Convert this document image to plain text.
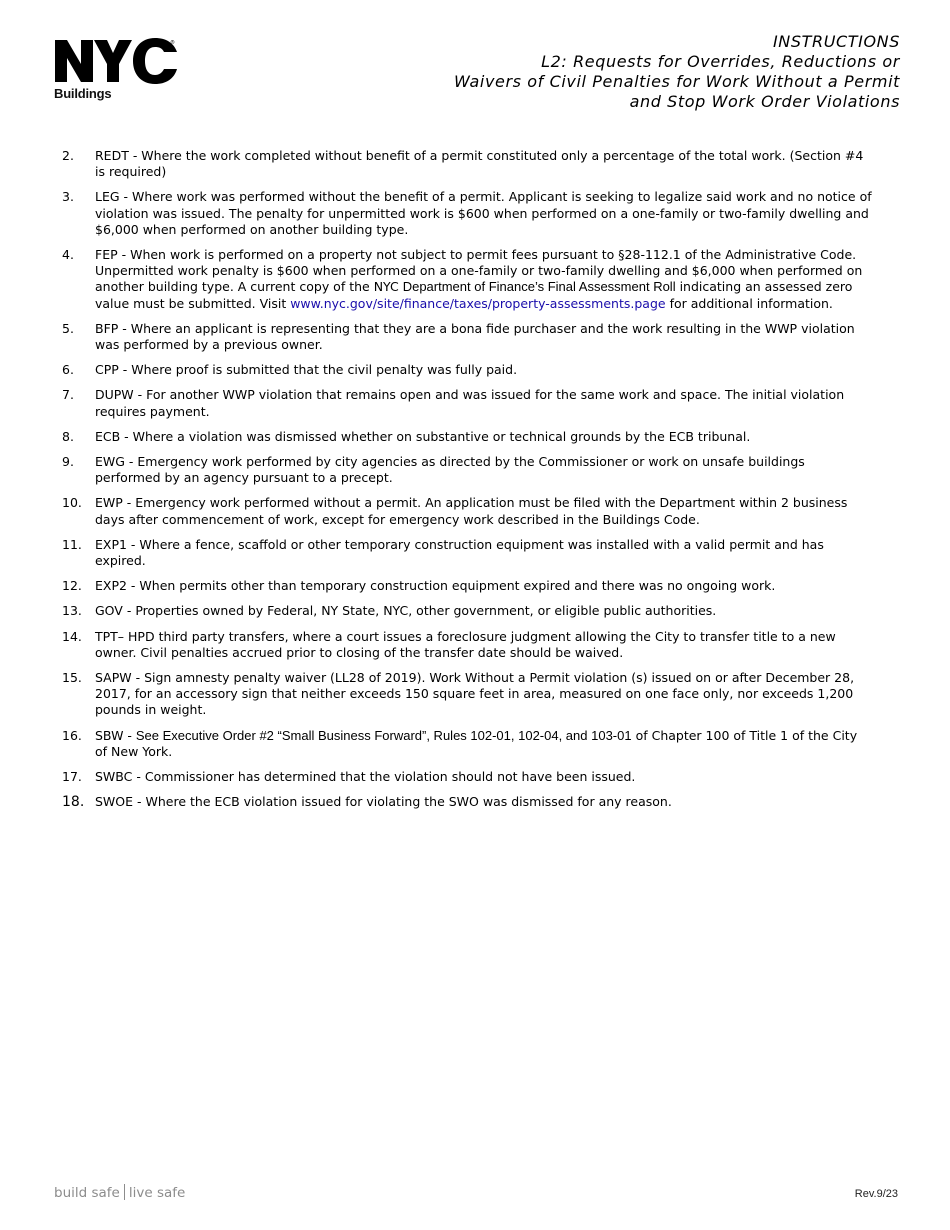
®
Buildings
INSTRUCTIONS
L2: Requests for Overrides, Reductions or
Waivers of Civil Penalties for Work Without a Permit
and Stop Work Order Violations
2.	REDT - Where the work completed without benefit of a permit constituted only a percentage of the total work. (Section #4 is required)
3.	LEG - Where work was performed without the benefit of a permit. Applicant is seeking to legalize said work and no notice of violation was issued. The penalty for unpermitted work is $600 when performed on a one-family or two-family dwelling and $6,000 when performed on another building type.
4.	FEP - When work is performed on a property not subject to permit fees pursuant to §28-112.1 of the Administrative Code. Unpermitted work penalty is $600 when performed on a one-family or two-family dwelling and $6,000 when performed on another building type. A current copy of the NYC Department of Finance’s Final Assessment Roll indicating an assessed zero value must be submitted. Visit www.nyc.gov/site/finance/taxes/property-assessments.page for additional information.
5.	BFP - Where an applicant is representing that they are a bona fide purchaser and the work resulting in the WWP violation was performed by a previous owner.
6.	CPP - Where proof is submitted that the civil penalty was fully paid.
7.	DUPW - For another WWP violation that remains open and was issued for the same work and space. The initial violation requires payment.
8.	ECB - Where a violation was dismissed whether on substantive or technical grounds by the ECB tribunal.
9.	EWG - Emergency work performed by city agencies as directed by the Commissioner or work on unsafe buildings performed by an agency pursuant to a precept.
10.	EWP - Emergency work performed without a permit. An application must be filed with the Department within 2 business days after commencement of work, except for emergency work described in the Buildings Code.
11.	EXP1 - Where a fence, scaffold or other temporary construction equipment was installed with a valid permit and has expired.
12.	EXP2 - When permits other than temporary construction equipment expired and there was no ongoing work.
13.	GOV - Properties owned by Federal, NY State, NYC, other government, or eligible public authorities.
14.	TPT– HPD third party transfers, where a court issues a foreclosure judgment allowing the City to transfer title to a new owner. Civil penalties accrued prior to closing of the transfer date should be waived.
15.	SAPW - Sign amnesty penalty waiver (LL28 of 2019). Work Without a Permit violation (s) issued on or after December 28, 2017, for an accessory sign that neither exceeds 150 square feet in area, measured on one face only, nor exceeds 1,200 pounds in weight.
16.	SBW - See Executive Order #2 “Small Business Forward”, Rules 102-01, 102-04, and 103-01 of Chapter 100 of Title 1 of the City of New York.
17.	SWBC - Commissioner has determined that the violation should not have been issued.
18. SWOE - Where the ECB violation issued for violating the SWO was dismissed for any reason.
build safe live safe	Rev.9/23
